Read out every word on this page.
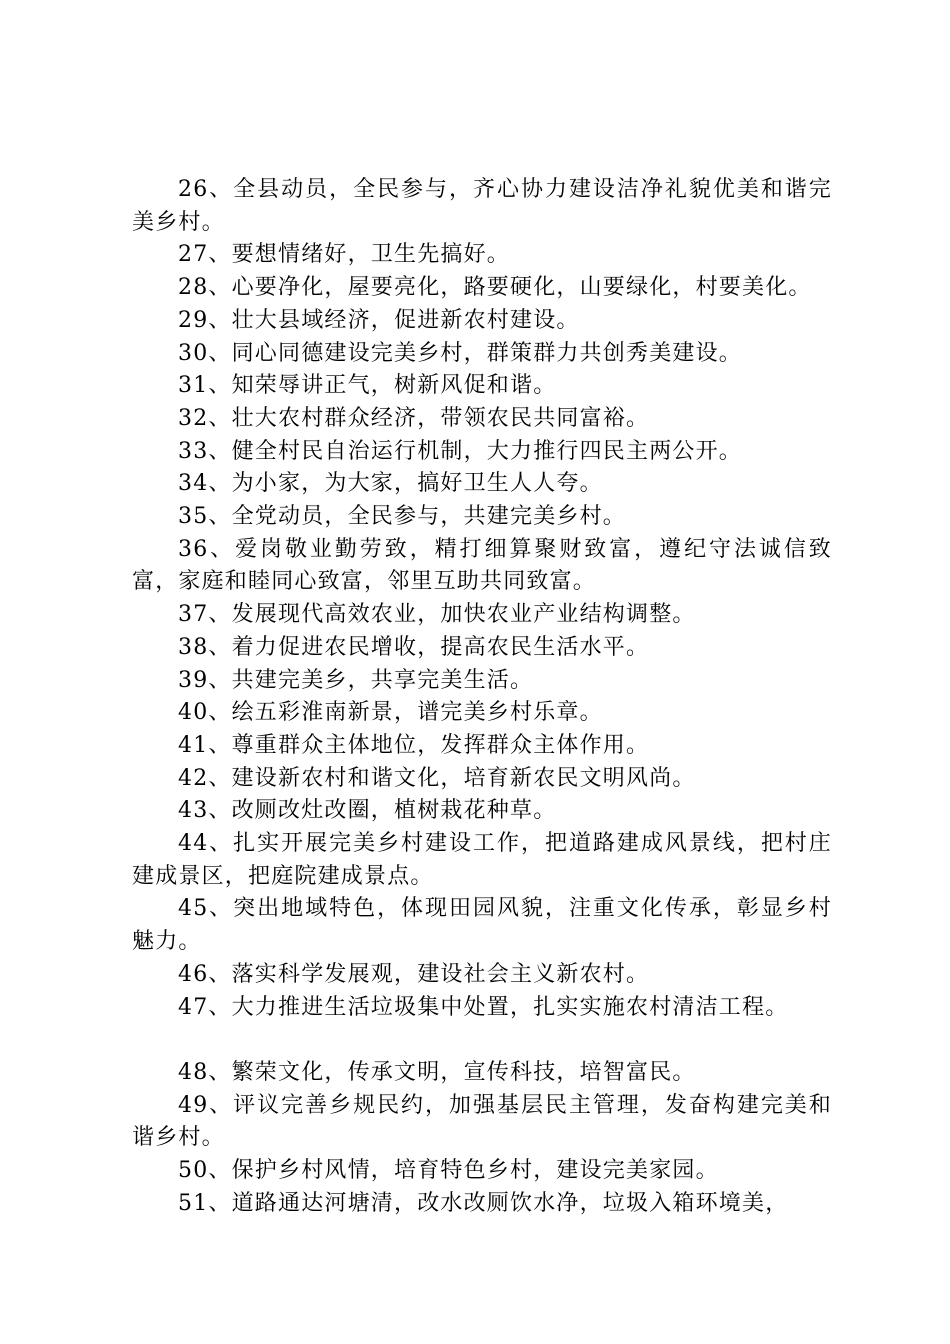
26、全县动员，全民参与，齐心协力建设洁净礼貌优美和谐完美乡村。

27、要想情绪好，卫生先搞好。

28、心要净化，屋要亮化，路要硬化，山要绿化，村要美化。

29、壮大县域经济，促进新农村建设。

30、同心同德建设完美乡村，群策群力共创秀美建设。

31、知荣辱讲正气，树新风促和谐。

32、壮大农村群众经济，带领农民共同富裕。

33、健全村民自治运行机制，大力推行四民主两公开。

34、为小家，为大家，搞好卫生人人夸。

35、全党动员，全民参与，共建完美乡村。

36、爱岗敬业勤劳致，精打细算聚财致富，遵纪守法诚信致富，家庭和睦同心致富，邻里互助共同致富。

37、发展现代高效农业，加快农业产业结构调整。

38、着力促进农民增收，提高农民生活水平。

39、共建完美乡，共享完美生活。

40、绘五彩淮南新景，谱完美乡村乐章。

41、尊重群众主体地位，发挥群众主体作用。

42、建设新农村和谐文化，培育新农民文明风尚。

43、改厕改灶改圈，植树栽花种草。

44、扎实开展完美乡村建设工作，把道路建成风景线，把村庄建成景区，把庭院建成景点。

45、突出地域特色，体现田园风貌，注重文化传承，彰显乡村魅力。

46、落实科学发展观，建设社会主义新农村。

47、大力推进生活垃圾集中处置，扎实实施农村清洁工程。

48、繁荣文化，传承文明，宣传科技，培智富民。

49、评议完善乡规民约，加强基层民主管理，发奋构建完美和谐乡村。

50、保护乡村风情，培育特色乡村，建设完美家园。

51、道路通达河塘清，改水改厕饮水净，垃圾入箱环境美，
